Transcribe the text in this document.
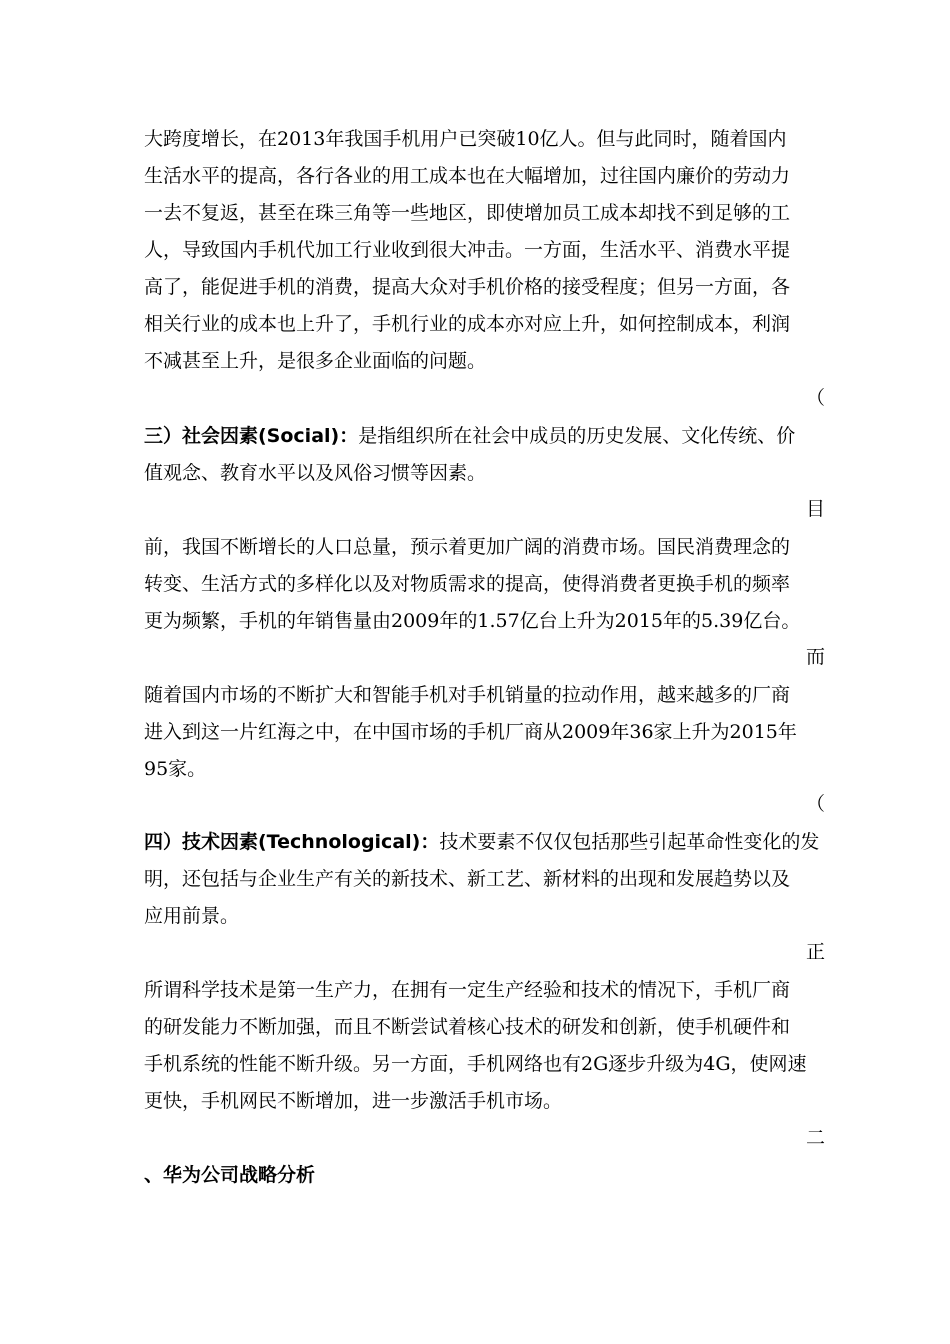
大跨度增长，在2013年我国手机用户已突破10亿人。但与此同时，随着国内
生活水平的提高，各行各业的用工成本也在大幅增加，过往国内廉价的劳动力
一去不复返，甚至在珠三角等一些地区，即使增加员工成本却找不到足够的工
人，导致国内手机代加工行业收到很大冲击。一方面，生活水平、消费水平提
高了，能促进手机的消费，提高大众对手机价格的接受程度；但另一方面，各
相关行业的成本也上升了，手机行业的成本亦对应上升，如何控制成本，利润
不减甚至上升，是很多企业面临的问题。
（
三）社会因素(Social)：是指组织所在社会中成员的历史发展、文化传统、价
值观念、教育水平以及风俗习惯等因素。
目
前，我国不断增长的人口总量，预示着更加广阔的消费市场。国民消费理念的
转变、生活方式的多样化以及对物质需求的提高，使得消费者更换手机的频率
更为频繁，手机的年销售量由2009年的1.57亿台上升为2015年的5.39亿台。
而
随着国内市场的不断扩大和智能手机对手机销量的拉动作用，越来越多的厂商
进入到这一片红海之中，在中国市场的手机厂商从2009年36家上升为2015年
95家。
（
四）技术因素(Technological)：技术要素不仅仅包括那些引起革命性变化的发
明，还包括与企业生产有关的新技术、新工艺、新材料的出现和发展趋势以及
应用前景。
正
所谓科学技术是第一生产力，在拥有一定生产经验和技术的情况下，手机厂商
的研发能力不断加强，而且不断尝试着核心技术的研发和创新，使手机硬件和
手机系统的性能不断升级。另一方面，手机网络也有2G逐步升级为4G，使网速
更快，手机网民不断增加，进一步激活手机市场。
二
、华为公司战略分析
